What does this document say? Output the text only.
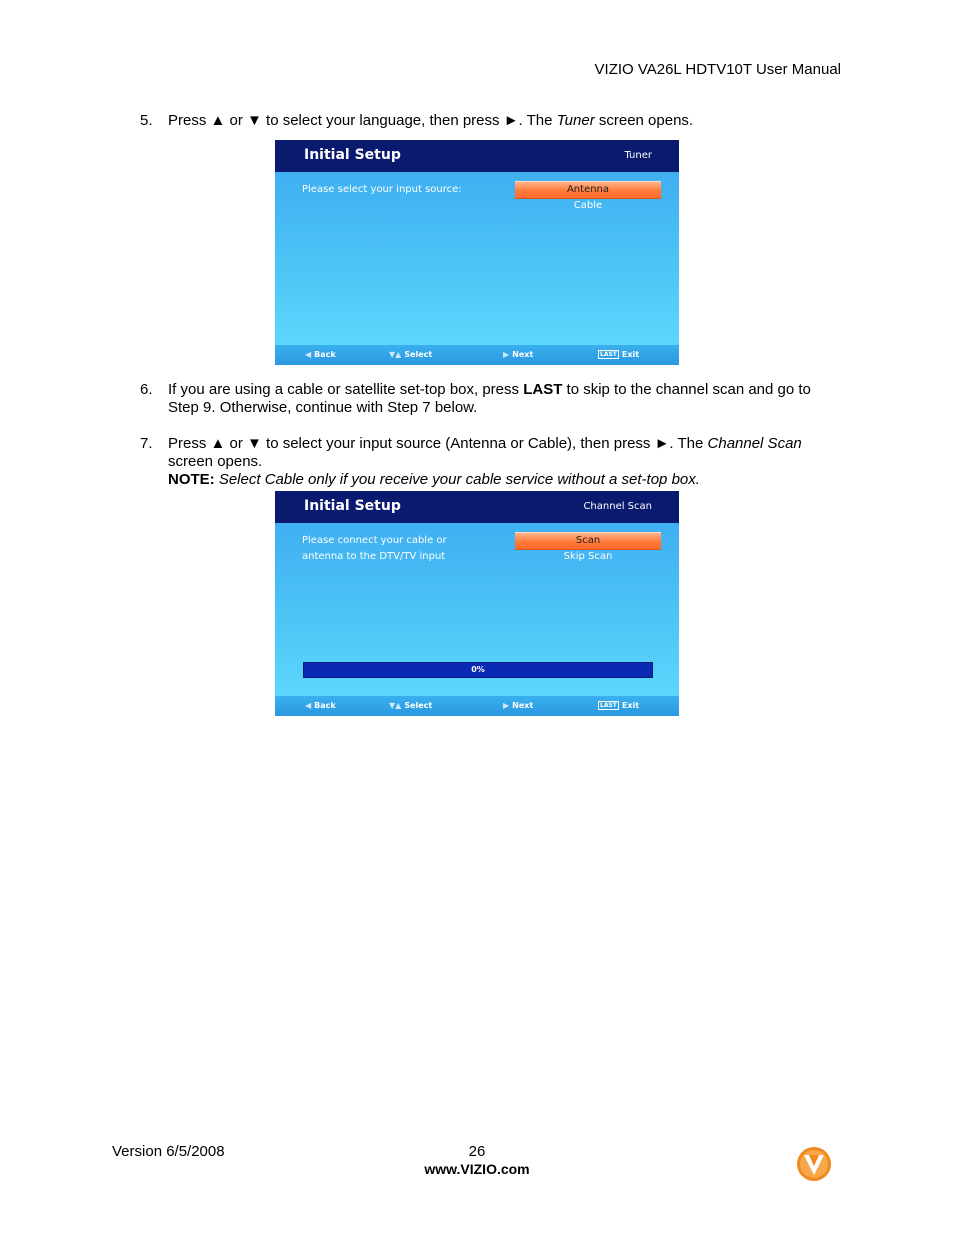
VIZIO VA26L HDTV10T User Manual
5. Press ▲ or ▼ to select your language, then press ►. The Tuner screen opens.
Initial Setup	Tuner
Please select your input source:	Antenna
Cable
◀ Back	▼▲ Select	▶ Next	LAST Exit
6. If you are using a cable or satellite set-top box, press LAST to skip to the channel scan and go to Step 9. Otherwise, continue with Step 7 below.
7. Press ▲ or ▼ to select your input source (Antenna or Cable), then press ►. The Channel Scan screen opens.
NOTE: Select Cable only if you receive your cable service without a set-top box.
Initial Setup	Channel Scan
Please connect your cable or
antenna to the DTV/TV input
Scan
Skip Scan
0%
◀ Back	▼▲ Select	▶ Next	LAST Exit
Version 6/5/2008	26
www.VIZIO.com
